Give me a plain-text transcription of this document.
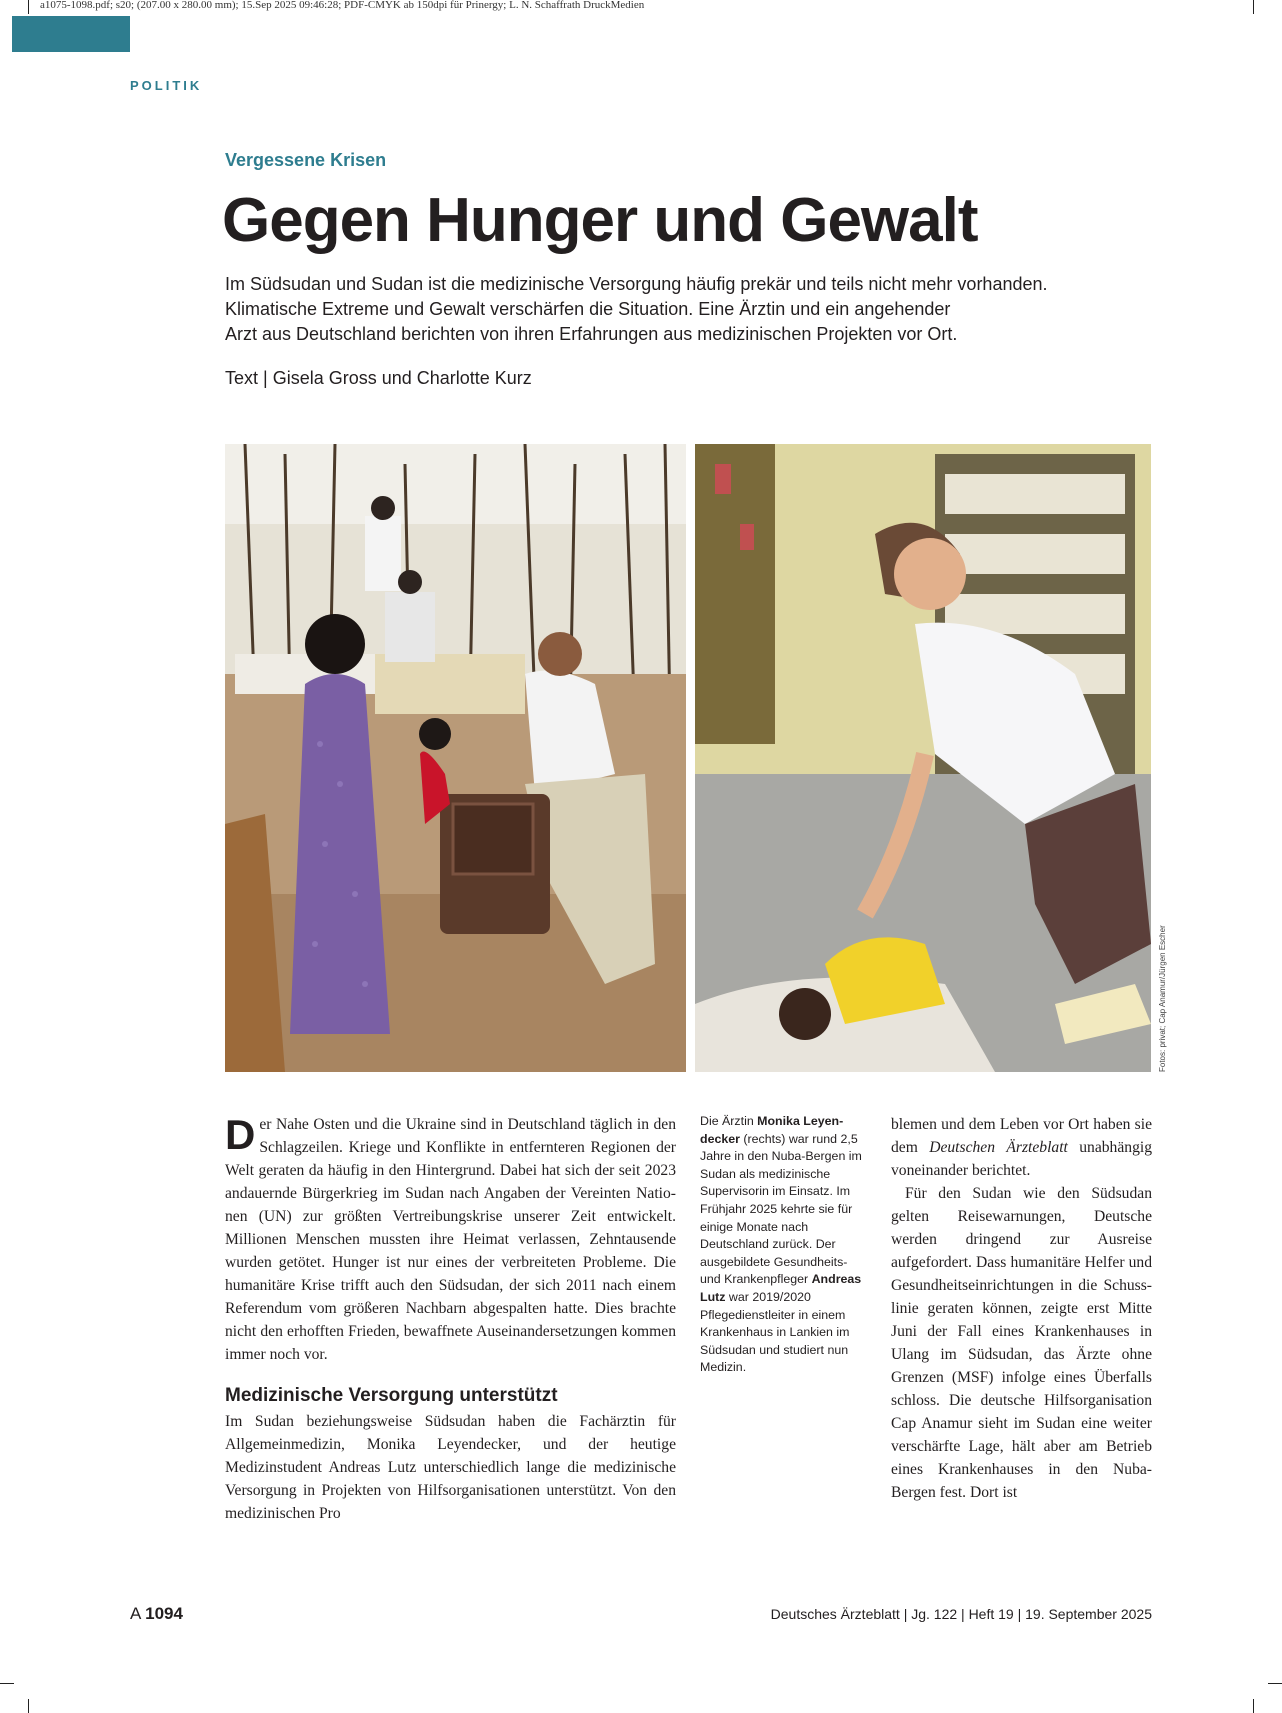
a1075-1098.pdf; s20; (207.00 x 280.00 mm); 15.Sep 2025 09:46:28; PDF-CMYK ab 150dpi für Prinergy; L. N. Schaffrath DruckMedien
POLITIK
Vergessene Krisen
Gegen Hunger und Gewalt

Im Südsudan und Sudan ist die medizinische Versorgung häufig prekär und teils nicht mehr vorhanden.
Klimatische Extreme und Gewalt verschärfen die Situation. Eine Ärztin und ein angehender
Arzt aus Deutschland berichten von ihren Erfahrungen aus medizinischen Projekten vor Ort.

Text | Gisela Gross und Charlotte Kurz
Fotos: privat; Cap Anamur/Jürgen Escher

Der Nahe Osten und die Ukraine sind in Deutschland täglich in den Schlagzeilen. Kriege und Konflikte in entfernteren Regionen der Welt geraten da häufig in den Hintergrund. Dabei hat sich der seit 2023 andauernde Bürgerkrieg im Sudan nach Angaben der Vereinten Nationen (UN) zur größten Vertreibungskrise unserer Zeit entwickelt. Millionen Menschen mussten ihre Heimat verlassen, Zehntausende wurden getötet. Hunger ist nur eines der verbreiteten Probleme. Die humanitäre Krise trifft auch den Südsudan, der sich 2011 nach einem Referendum vom größeren Nachbarn abgespalten hatte. Dies brachte nicht den erhofften Frieden, bewaffnete Auseinandersetzungen kommen immer noch vor.

Medizinische Versorgung unterstützt

Im Sudan beziehungsweise Südsudan haben die Fachärztin für Allgemeinmedizin, Monika Leyendecker, und der heutige Medizinstudent Andreas Lutz unterschiedlich lange die medizinische Versorgung in Projekten von Hilfsorganisationen unterstützt. Von den medizinischen Pro

Die Ärztin Monika Leyendecker (rechts) war rund 2,5 Jahre in den Nuba-Bergen im Sudan als medizinische Supervisorin im Einsatz. Im Frühjahr 2025 kehrte sie für einige Monate nach Deutschland zurück. Der ausgebildete Gesundheits- und Krankenpfleger Andreas Lutz war 2019/2020 Pflegedienstleiter in einem Krankenhaus in Lankien im Südsudan und studiert nun Medizin.

blemen und dem Leben vor Ort haben sie dem Deutschen Ärzteblatt unabhängig voneinander berichtet.

Für den Sudan wie den Südsudan gelten Reisewarnungen, Deutsche werden dringend zur Ausreise aufgefordert. Dass humanitäre Helfer und Gesundheitseinrichtungen in die Schusslinie geraten können, zeigte erst Mitte Juni der Fall eines Krankenhauses in Ulang im Südsudan, das Ärzte ohne Grenzen (MSF) infolge eines Überfalls schloss. Die deutsche Hilfsorganisation Cap Anamur sieht im Sudan eine weiter verschärfte Lage, hält aber am Betrieb eines Krankenhauses in den Nuba-Bergen fest. Dort ist

A 1094	Deutsches Ärzteblatt | Jg. 122 | Heft 19 | 19. September 2025
